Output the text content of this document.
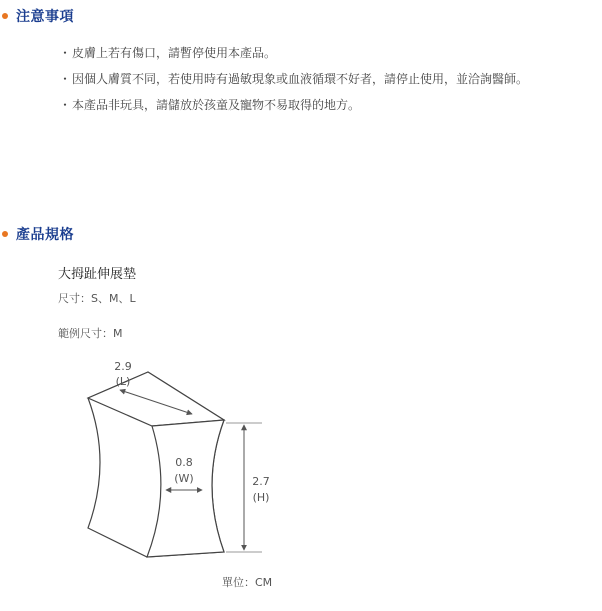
注意事項
・ 皮膚上若有傷口，請暫停使用本產品。
・ 因個人膚質不同，若使用時有過敏現象或血液循環不好者，請停止使用，並洽詢醫師。
・ 本產品非玩具，請儲放於孩童及寵物不易取得的地方。
產品規格
大拇趾伸展墊
尺寸：S、M、L
範例尺寸：M
2.9
(L)
0.8
(W)	2.7
(H)
單位：CM
